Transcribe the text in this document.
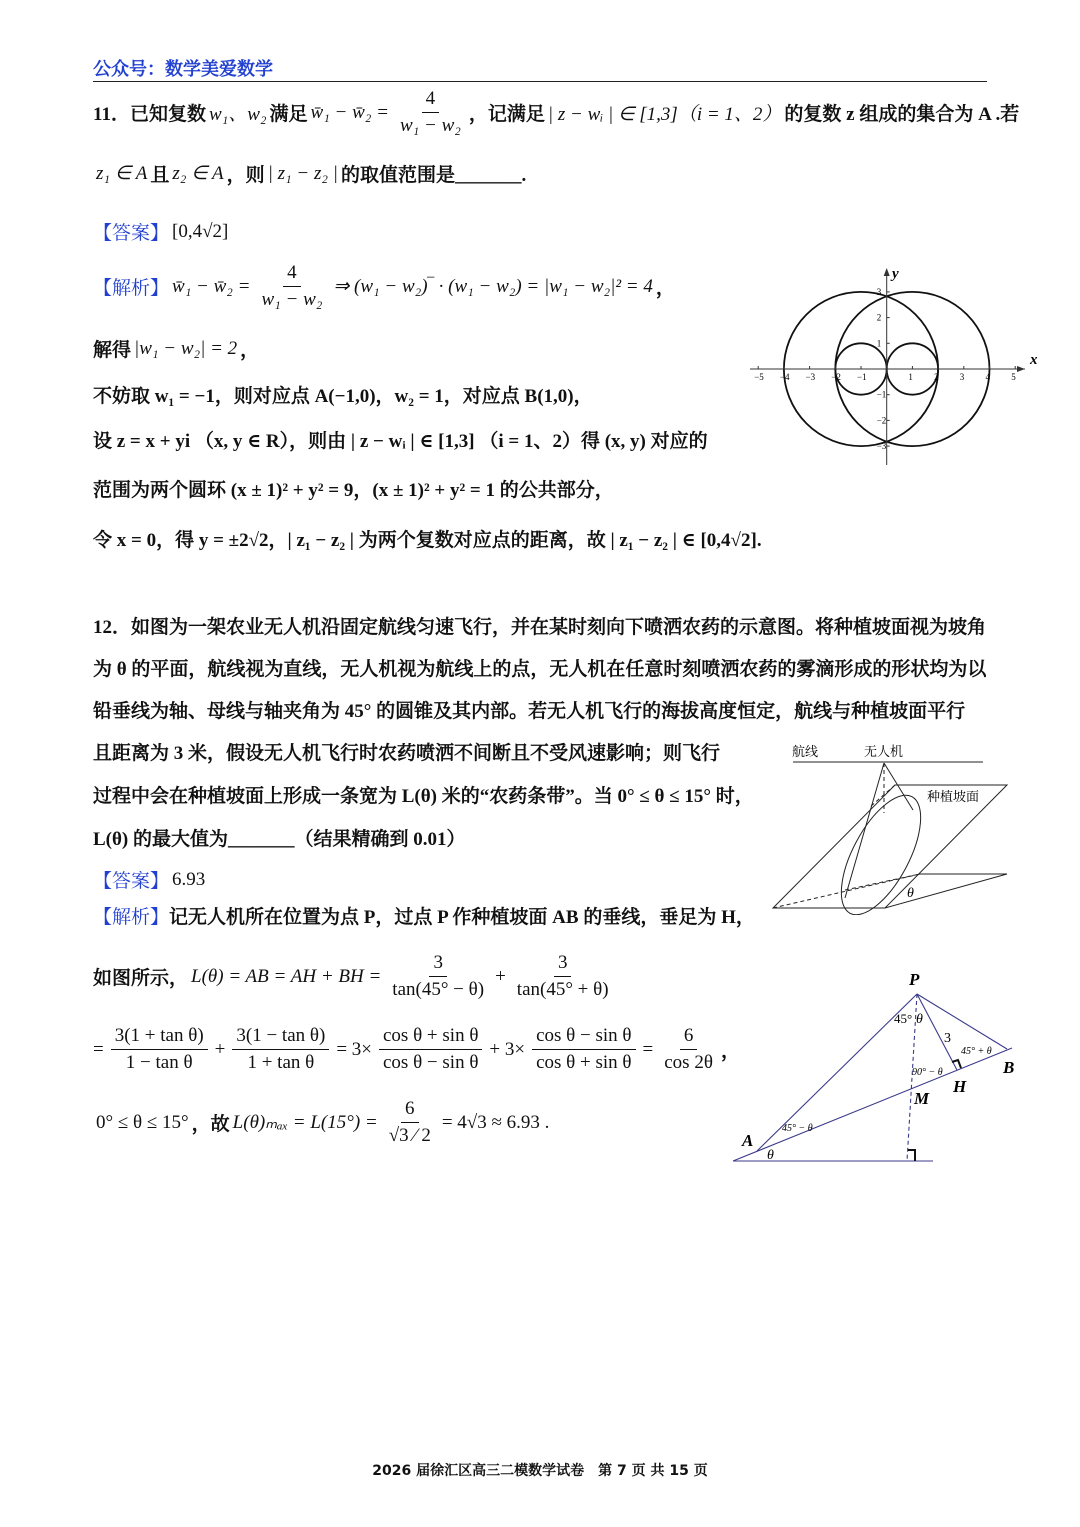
公众号：数学美爱数学
11．已知复数 w₁、w₂ 满足 w̄₁ − w̄₂ = $\frac{4}{\text{w₁ − w₂}}$ ，记满足 | z − wᵢ | ∈ [1,3]（i = 1、2） 的复数 z 组成的集合为 A .若
z₁ ∈ A 且 z₂ ∈ A ，则 | z₁ − z₂ | 的取值范围是_______.
【答案】 [0,4√2]
【解析】 w̄₁ − w̄₂ = $\frac{4}{\text{w₁ − w₂}}$ ⇒ (w₁ − w₂)‾ · (w₁ − w₂) = |w₁ − w₂|² = 4 ，
解得 |w₁ − w₂| = 2 ，
不妨取 w₁ = −1，则对应点 A(−1,0)，w₂ = 1，对应点 B(1,0)，
设 z = x + yi （x, y ∈ R），则由 | z − wᵢ | ∈ [1,3] （i = 1、2）得 (x, y) 对应的
范围为两个圆环 (x ± 1)² + y² = 9，(x ± 1)² + y² = 1 的公共部分，
令 x = 0，得 y = ±2√2，| z₁ − z₂ | 为两个复数对应点的距离，故 | z₁ − z₂ | ∈ [0,4√2].
x
y
−5 −4 −3 −2 −1	1 2 3 4 5
3
2
1
−1
−2
−3
12．如图为一架农业无人机沿固定航线匀速飞行，并在某时刻向下喷洒农药的示意图。将种植坡面视为坡角
为 θ 的平面，航线视为直线，无人机视为航线上的点，无人机在任意时刻喷洒农药的雾滴形成的形状均为以
铅垂线为轴、母线与轴夹角为 45° 的圆锥及其内部。若无人机飞行的海拔高度恒定，航线与种植坡面平行
且距离为 3 米，假设无人机飞行时农药喷洒不间断且不受风速影响；则飞行
过程中会在种植坡面上形成一条宽为 L(θ) 米的“农药条带”。当 0° ≤ θ ≤ 15° 时，
L(θ) 的最大值为_______（结果精确到 0.01）
【答案】 6.93
【解析】 记无人机所在位置为点 P，过点 P 作种植坡面 AB 的垂线，垂足为 H，
如图所示， L(θ) = AB = AH + BH = $\frac{3}{\tan(45^\circ - \theta)} + \frac{3}{\tan(45^\circ + \theta)}$
= $\frac{\text{3(1 + tan θ)}}{\text{1 − tan θ}} + \frac{\text{3(1 − tan θ)}}{\text{1 + tan θ}} = 3\times \frac{\text{cos θ + sin θ}}{\text{cos θ − sin θ}} + 3\times \frac{\text{cos θ − sin θ}}{\text{cos θ + sin θ}} = \frac{6}{\cos 2\theta}$ ，
0° ≤ θ ≤ 15° ，故 $L(\theta)_{max} = L(15^\circ) = \frac{6}{√3 ⁄ 2} = 4√3 \approx 6.93$ .
航线	无人机
种植坡面
θ
P
A
B
H
M
θ
45° θ
3
45° + θ
90° − θ
45° − θ
2026 届徐汇区高三二模数学试卷　第 7 页 共 15 页
